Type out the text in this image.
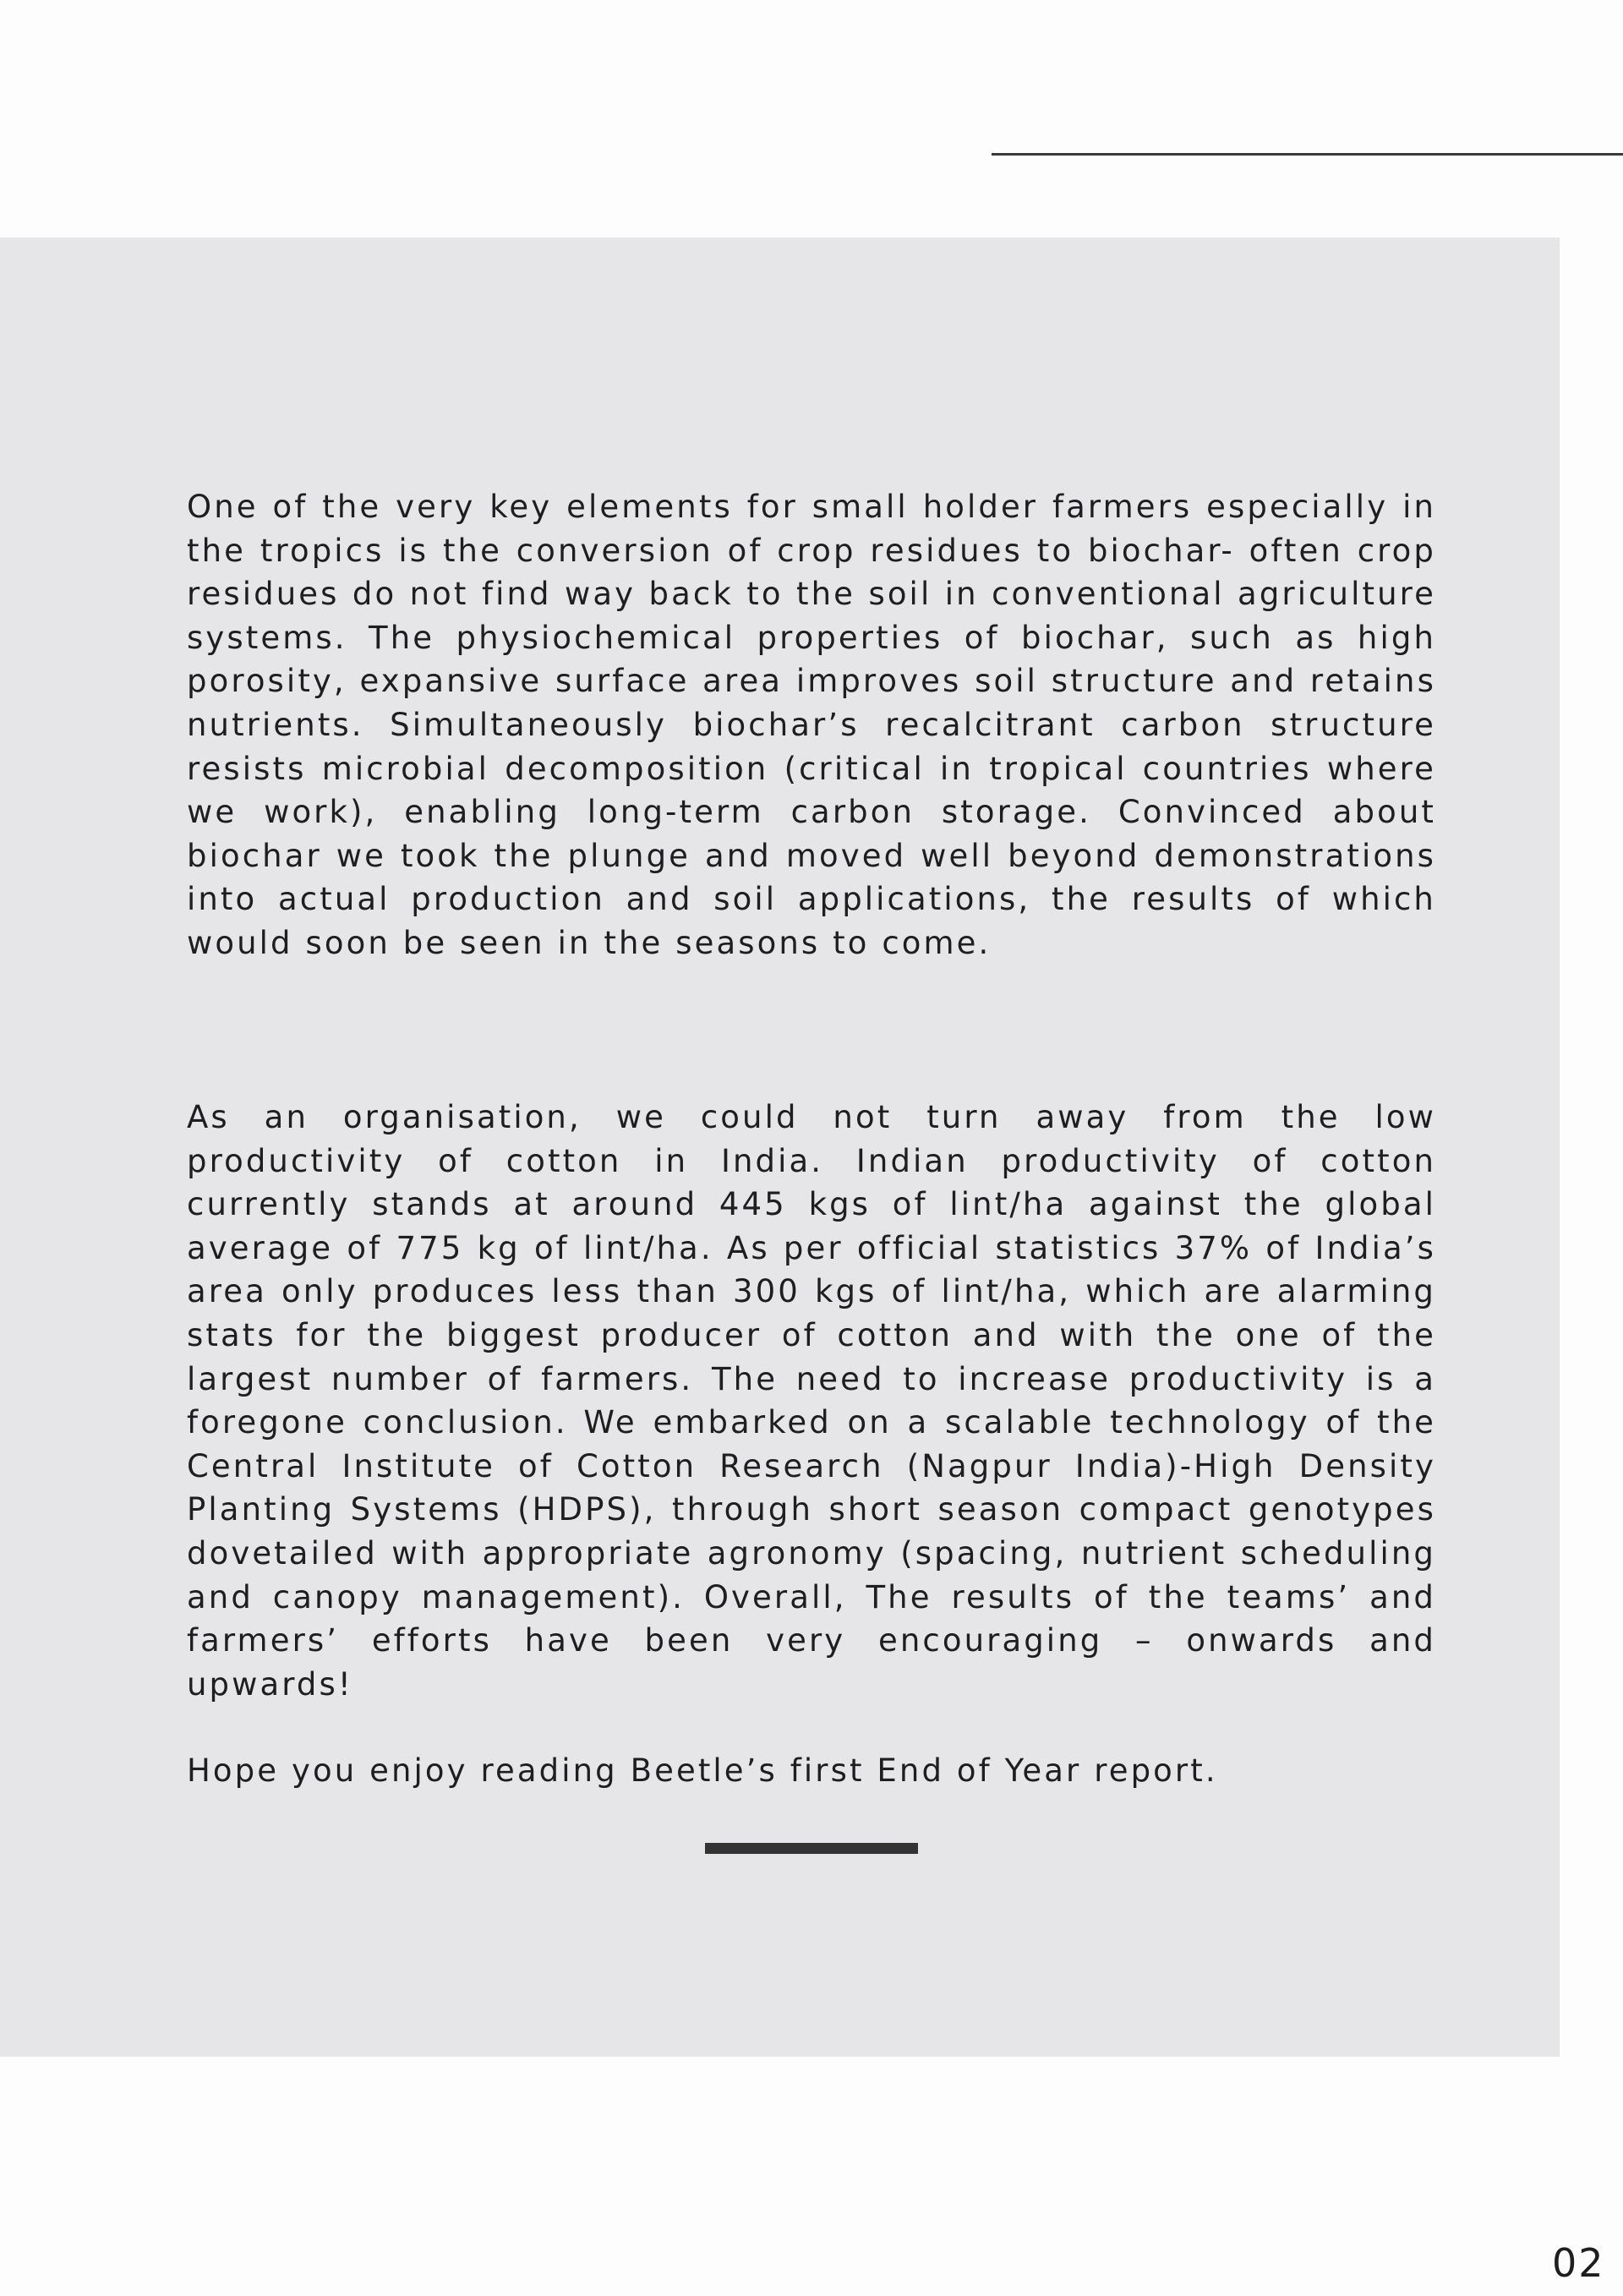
One of the very key elements for small holder farmers especially in the tropics is the conversion of crop residues to biochar- often crop residues do not find way back to the soil in conventional agriculture systems. The physiochemical properties of biochar, such as high porosity, expansive surface area improves soil structure and retains nutrients. Simultaneously biochar’s recalcitrant carbon structure resists microbial decomposition (critical in tropical countries where we work), enabling long-term carbon storage. Convinced about biochar we took the plunge and moved well beyond demonstrations into actual production and soil applications, the results of which would soon be seen in the seasons to come.

As an organisation, we could not turn away from the low productivity of cotton in India. Indian productivity of cotton currently stands at around 445 kgs of lint/ha against the global average of 775 kg of lint/ha. As per official statistics 37% of India’s area only produces less than 300 kgs of lint/ha, which are alarming stats for the biggest producer of cotton and with the one of the largest number of farmers. The need to increase productivity is a foregone conclusion. We embarked on a scalable technology of the Central Institute of Cotton Research (Nagpur India)-High Density Planting Systems (HDPS), through short season compact genotypes dovetailed with appropriate agronomy (spacing, nutrient scheduling and canopy management). Overall, The results of the teams’ and farmers’ efforts have been very encouraging – onwards and upwards!

Hope you enjoy reading Beetle’s first End of Year report.

02
